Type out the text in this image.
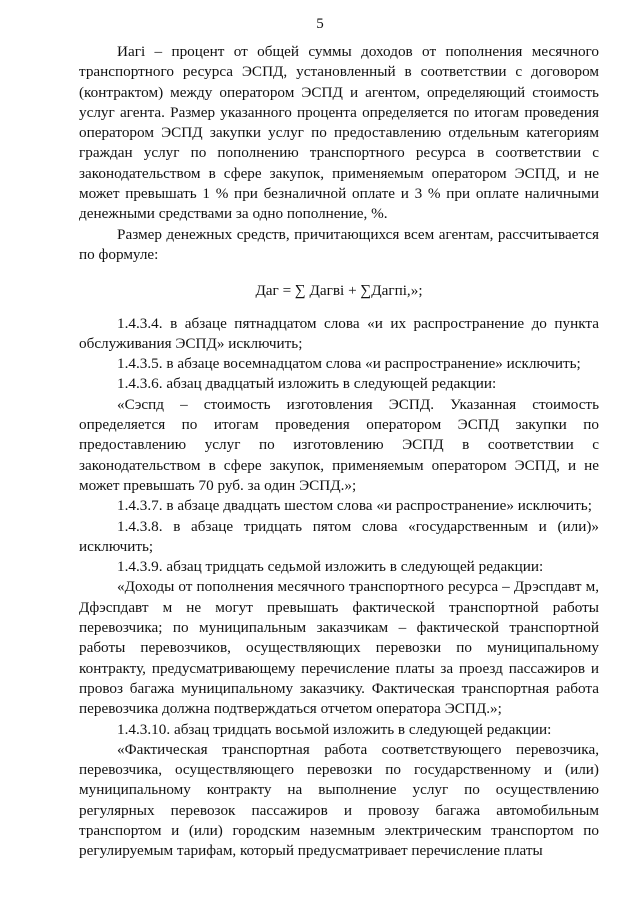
5

Иагі – процент от общей суммы доходов от пополнения месячного транспортного ресурса ЭСПД, установленный в соответствии с договором (контрактом) между оператором ЭСПД и агентом, определяющий стоимость услуг агента. Размер указанного процента определяется по итогам проведения оператором ЭСПД закупки услуг по предоставлению отдельным категориям граждан услуг по пополнению транспортного ресурса в соответствии с законодательством в сфере закупок, применяемым оператором ЭСПД, и не может превышать 1 % при безналичной оплате и 3 % при оплате наличными денежными средствами за одно пополнение, %.

Размер денежных средств, причитающихся всем агентам, рассчитывается по формуле:

Даг = ∑ Дагвi + ∑Дагпi,»;

1.4.3.4. в абзаце пятнадцатом слова «и их распространение до пункта обслуживания ЭСПД» исключить;

1.4.3.5. в абзаце восемнадцатом слова «и распространение» исключить;

1.4.3.6. абзац двадцатый изложить в следующей редакции:

«Сэспд – стоимость изготовления ЭСПД. Указанная стоимость определяется по итогам проведения оператором ЭСПД закупки по предоставлению услуг по изготовлению ЭСПД в соответствии с законодательством в сфере закупок, применяемым оператором ЭСПД, и не может превышать 70 руб. за один ЭСПД.»;

1.4.3.7. в абзаце двадцать шестом слова «и распространение» исключить;

1.4.3.8. в абзаце тридцать пятом слова «государственным и (или)» исключить;

1.4.3.9. абзац тридцать седьмой изложить в следующей редакции:

«Доходы от пополнения месячного транспортного ресурса – Дрэспдавт м, Дфэспдавт м не могут превышать фактической транспортной работы перевозчика; по муниципальным заказчикам – фактической транспортной работы перевозчиков, осуществляющих перевозки по муниципальному контракту, предусматривающему перечисление платы за проезд пассажиров и провоз багажа муниципальному заказчику. Фактическая транспортная работа перевозчика должна подтверждаться отчетом оператора ЭСПД.»;

1.4.3.10. абзац тридцать восьмой изложить в следующей редакции:

«Фактическая транспортная работа соответствующего перевозчика, перевозчика, осуществляющего перевозки по государственному и (или) муниципальному контракту на выполнение услуг по осуществлению регулярных перевозок пассажиров и провозу багажа автомобильным транспортом и (или) городским наземным электрическим транспортом по регулируемым тарифам, который предусматривает перечисление платы
